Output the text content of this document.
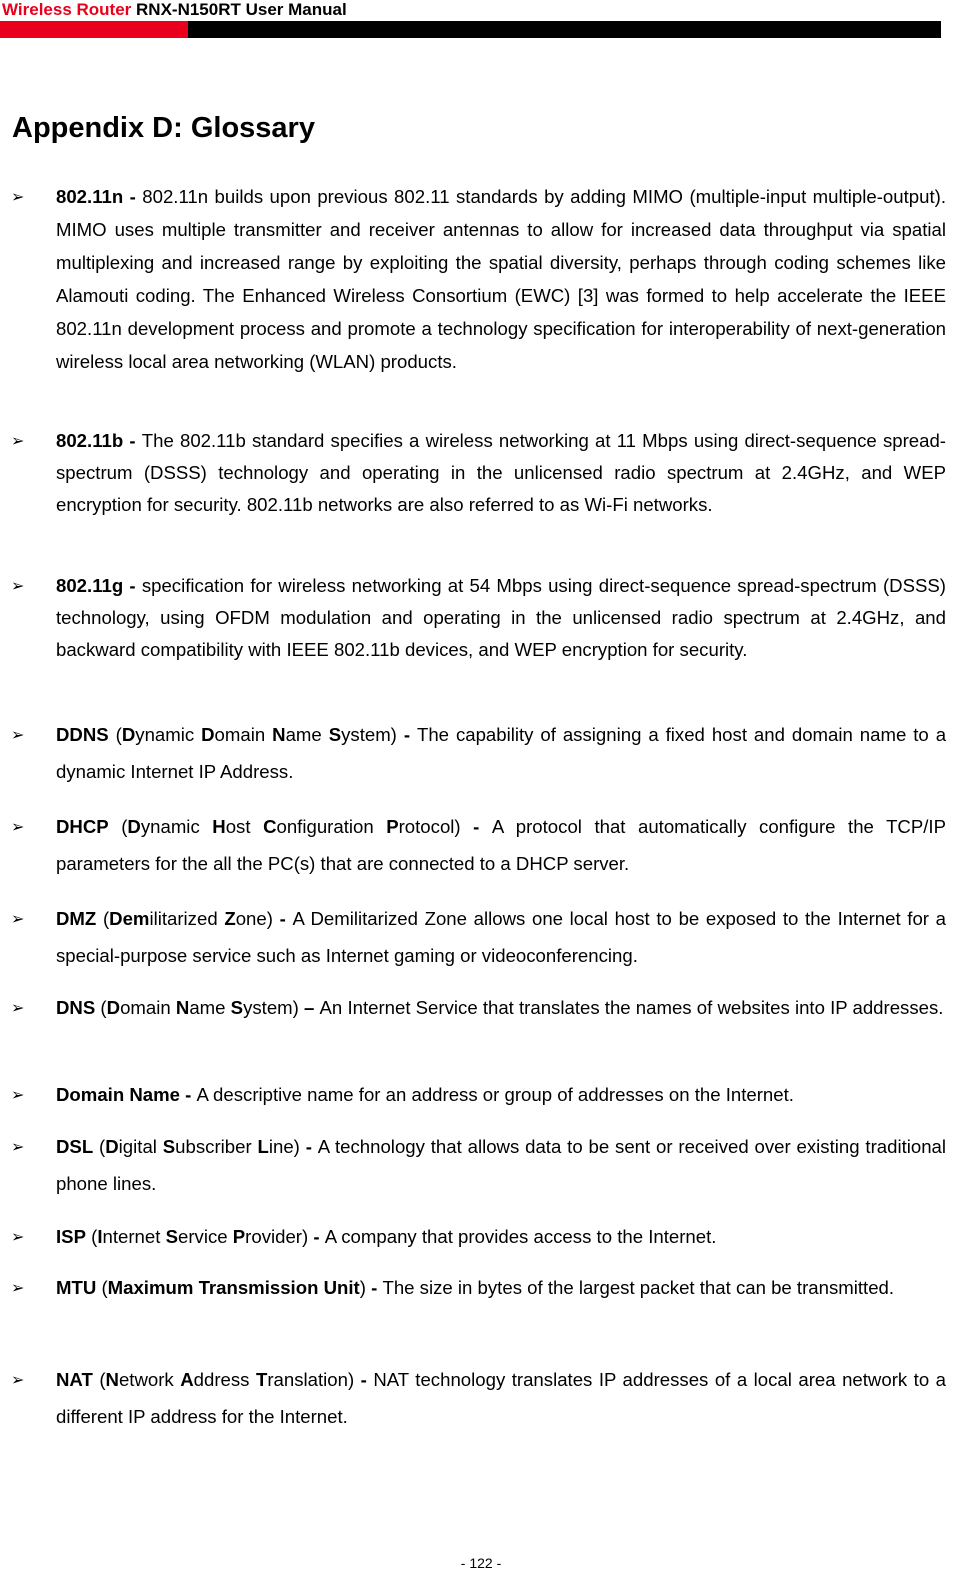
Wireless Router RNX-N150RT User Manual
Appendix D: Glossary
➢ 802.11n - 802.11n builds upon previous 802.11 standards by adding MIMO (multiple-input multiple-output). MIMO uses multiple transmitter and receiver antennas to allow for increased data throughput via spatial multiplexing and increased range by exploiting the spatial diversity, perhaps through coding schemes like Alamouti coding. The Enhanced Wireless Consortium (EWC) [3] was formed to help accelerate the IEEE 802.11n development process and promote a technology specification for interoperability of next-generation wireless local area networking (WLAN) products.

➢ 802.11b - The 802.11b standard specifies a wireless networking at 11 Mbps using direct-sequence spread-spectrum (DSSS) technology and operating in the unlicensed radio spectrum at 2.4GHz, and WEP encryption for security. 802.11b networks are also referred to as Wi-Fi networks.

➢ 802.11g - specification for wireless networking at 54 Mbps using direct-sequence spread-spectrum (DSSS) technology, using OFDM modulation and operating in the unlicensed radio spectrum at 2.4GHz, and backward compatibility with IEEE 802.11b devices, and WEP encryption for security.

➢ DDNS (Dynamic Domain Name System) - The capability of assigning a fixed host and domain name to a dynamic Internet IP Address.

➢ DHCP (Dynamic Host Configuration Protocol) - A protocol that automatically configure the TCP/IP parameters for the all the PC(s) that are connected to a DHCP server.

➢ DMZ (Demilitarized Zone) - A Demilitarized Zone allows one local host to be exposed to the Internet for a special-purpose service such as Internet gaming or videoconferencing.

➢ DNS (Domain Name System) – An Internet Service that translates the names of websites into IP addresses.

➢ Domain Name - A descriptive name for an address or group of addresses on the Internet.

➢ DSL (Digital Subscriber Line) - A technology that allows data to be sent or received over existing traditional phone lines.

➢ ISP (Internet Service Provider) - A company that provides access to the Internet.

➢ MTU (Maximum Transmission Unit) - The size in bytes of the largest packet that can be transmitted.

➢ NAT (Network Address Translation) - NAT technology translates IP addresses of a local area network to a different IP address for the Internet.

- 122 -
